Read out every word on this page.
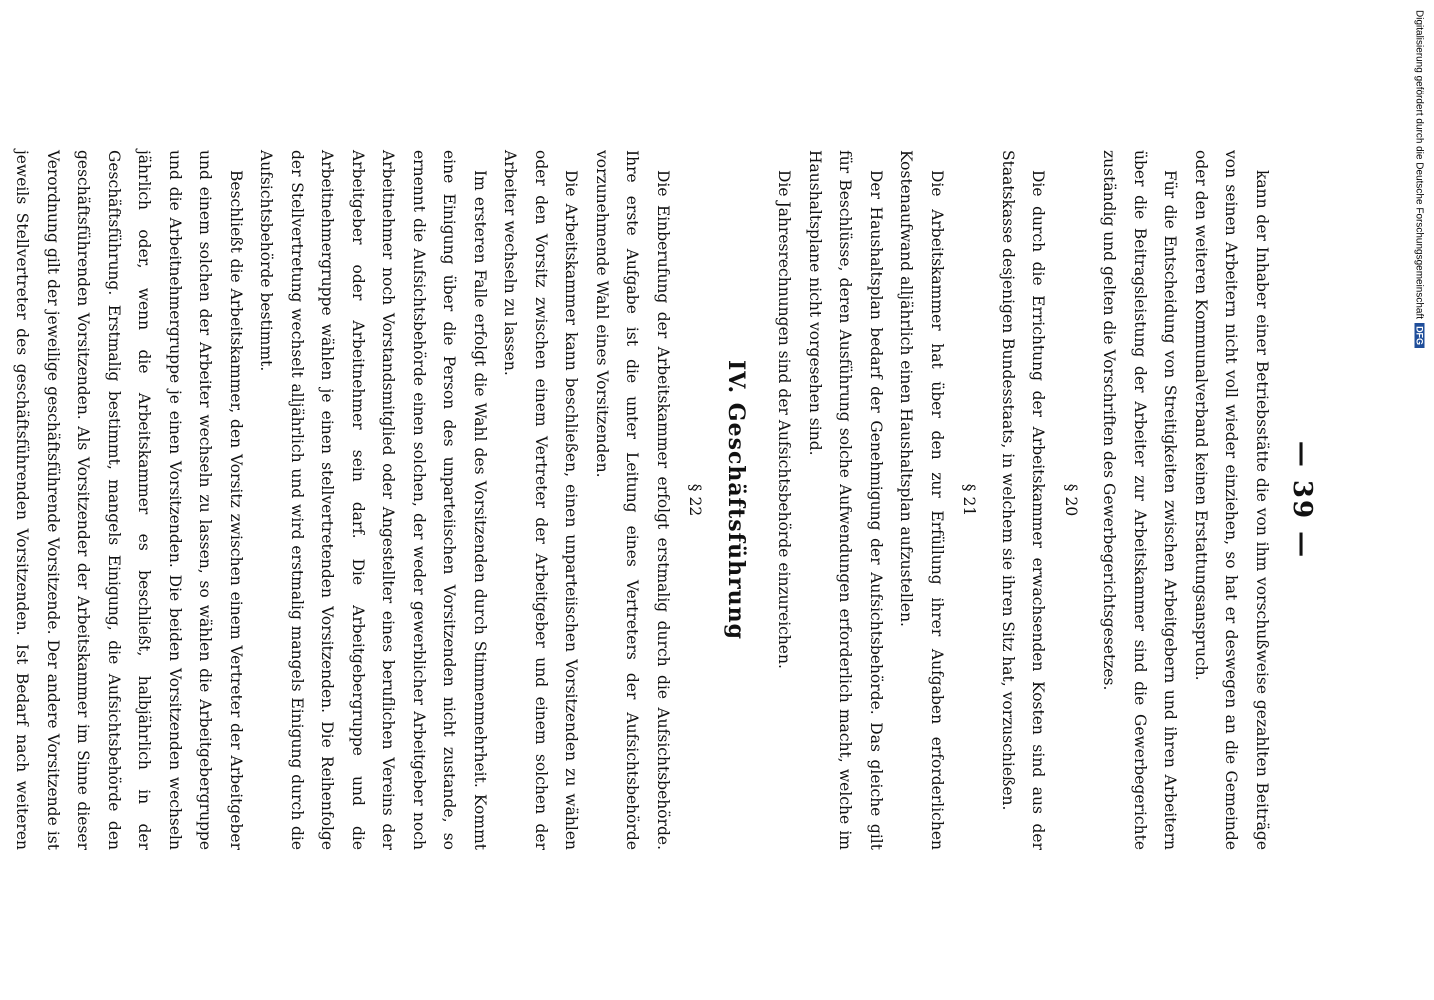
— 39 —

kann der Inhaber einer Betriebsstätte die von ihm vorschußweise gezahlten Beiträge von seinen Arbeitern nicht voll wieder einziehen, so hat er deswegen an die Gemeinde oder den weiteren Kommunalverband keinen Erstattungsanspruch.

Für die Entscheidung von Streitigkeiten zwischen Arbeitgebern und ihren Arbeitern über die Beitragsleistung der Arbeiter zur Arbeitskammer sind die Gewerbegerichte zuständig und gelten die Vorschriften des Gewerbegerichtsgesetzes.

§ 20

Die durch die Errichtung der Arbeitskammer erwachsenden Kosten sind aus der Staatskasse desjenigen Bundesstaats, in welchem sie ihren Sitz hat, vorzuschießen.

§ 21

Die Arbeitskammer hat über den zur Erfüllung ihrer Aufgaben erforderlichen Kostenaufwand alljährlich einen Haushaltsplan aufzustellen.

Der Haushaltsplan bedarf der Genehmigung der Aufsichtsbehörde. Das gleiche gilt für Beschlüsse, deren Ausführung solche Aufwendungen erforderlich macht, welche im Haushaltsplane nicht vorgesehen sind.

Die Jahresrechnungen sind der Aufsichtsbehörde einzureichen.

IV. Geschäftsführung
§ 22

Die Einberufung der Arbeitskammer erfolgt erstmalig durch die Aufsichtsbehörde. Ihre erste Aufgabe ist die unter Leitung eines Vertreters der Aufsichtsbehörde vorzunehmende Wahl eines Vorsitzenden.

Die Arbeitskammer kann beschließen, einen unparteiischen Vorsitzenden zu wählen oder den Vorsitz zwischen einem Vertreter der Arbeitgeber und einem solchen der Arbeiter wechseln zu lassen.

Im ersteren Falle erfolgt die Wahl des Vorsitzenden durch Stimmenmehrheit. Kommt eine Einigung über die Person des unparteiischen Vorsitzenden nicht zustande, so ernennt die Aufsichtsbehörde einen solchen, der weder gewerblicher Arbeitgeber noch Arbeitnehmer noch Vorstandsmitglied oder Angestellter eines beruflichen Vereins der Arbeitgeber oder Arbeitnehmer sein darf. Die Arbeitgebergruppe und die Arbeitnehmergruppe wählen je einen stellvertretenden Vorsitzenden. Die Reihenfolge der Stellvertretung wechselt alljährlich und wird erstmalig mangels Einigung durch die Aufsichtsbehörde bestimmt.

Beschließt die Arbeitskammer, den Vorsitz zwischen einem Vertreter der Arbeitgeber und einem solchen der Arbeiter wechseln zu lassen, so wählen die Arbeitgebergruppe und die Arbeitnehmergruppe je einen Vorsitzenden. Die beiden Vorsitzenden wechseln jährlich oder, wenn die Arbeitskammer es beschließt, halbjährlich in der Geschäftsführung. Erstmalig bestimmt, mangels Einigung, die Aufsichtsbehörde den geschäftsführenden Vorsitzenden. Als Vorsitzender der Arbeitskammer im Sinne dieser Verordnung gilt der jeweilige geschäftsführende Vorsitzende. Der andere Vorsitzende ist jeweils Stellvertreter des geschäftsführenden Vorsitzenden. Ist Bedarf nach weiteren

Digitalisierung gefördert durch die Deutsche ForschungsgemeinschaftDFG
